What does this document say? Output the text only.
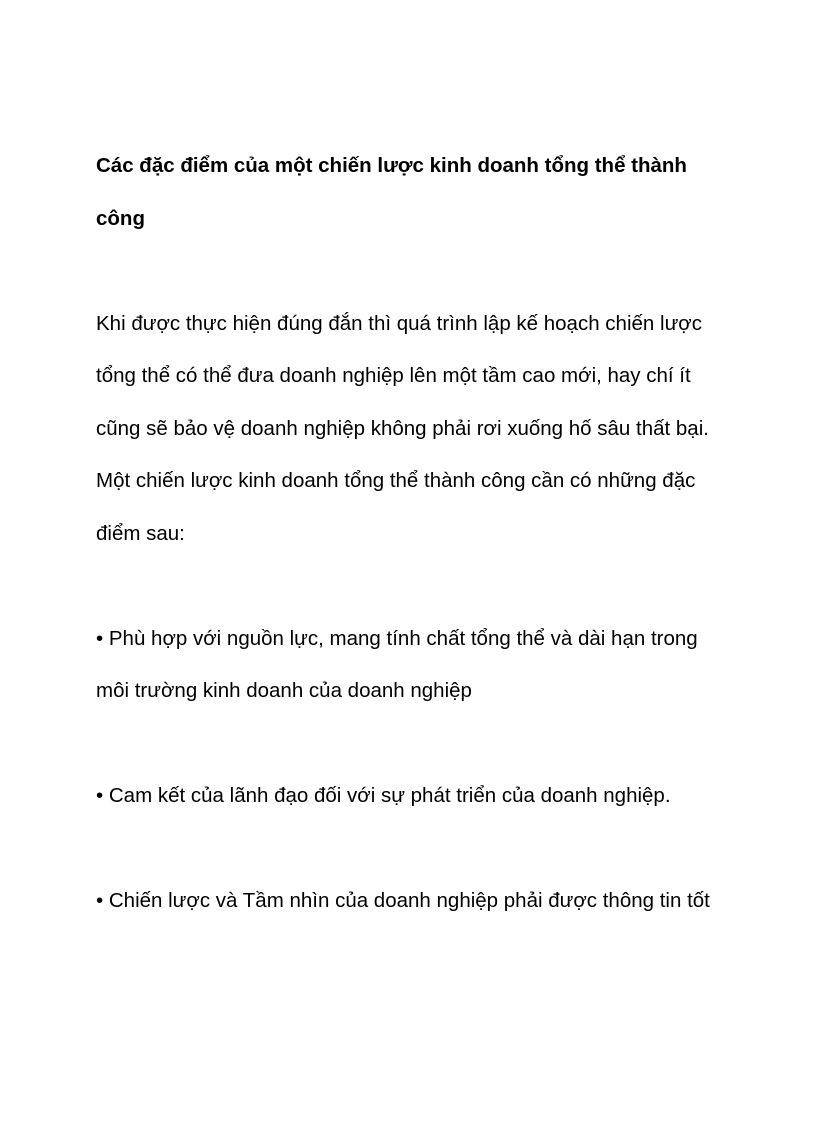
Các đặc điểm của một chiến lược kinh doanh tổng thể thành công

Khi được thực hiện đúng đắn thì quá trình lập kế hoạch chiến lược tổng thể có thể đưa doanh nghiệp lên một tầm cao mới, hay chí ít cũng sẽ bảo vệ doanh nghiệp không phải rơi xuống hố sâu thất bại. Một chiến lược kinh doanh tổng thể thành công cần có những đặc điểm sau:

• Phù hợp với nguồn lực, mang tính chất tổng thể và dài hạn trong môi trường kinh doanh của doanh nghiệp

• Cam kết của lãnh đạo đối với sự phát triển của doanh nghiệp.

• Chiến lược và Tầm nhìn của doanh nghiệp phải được thông tin tốt
